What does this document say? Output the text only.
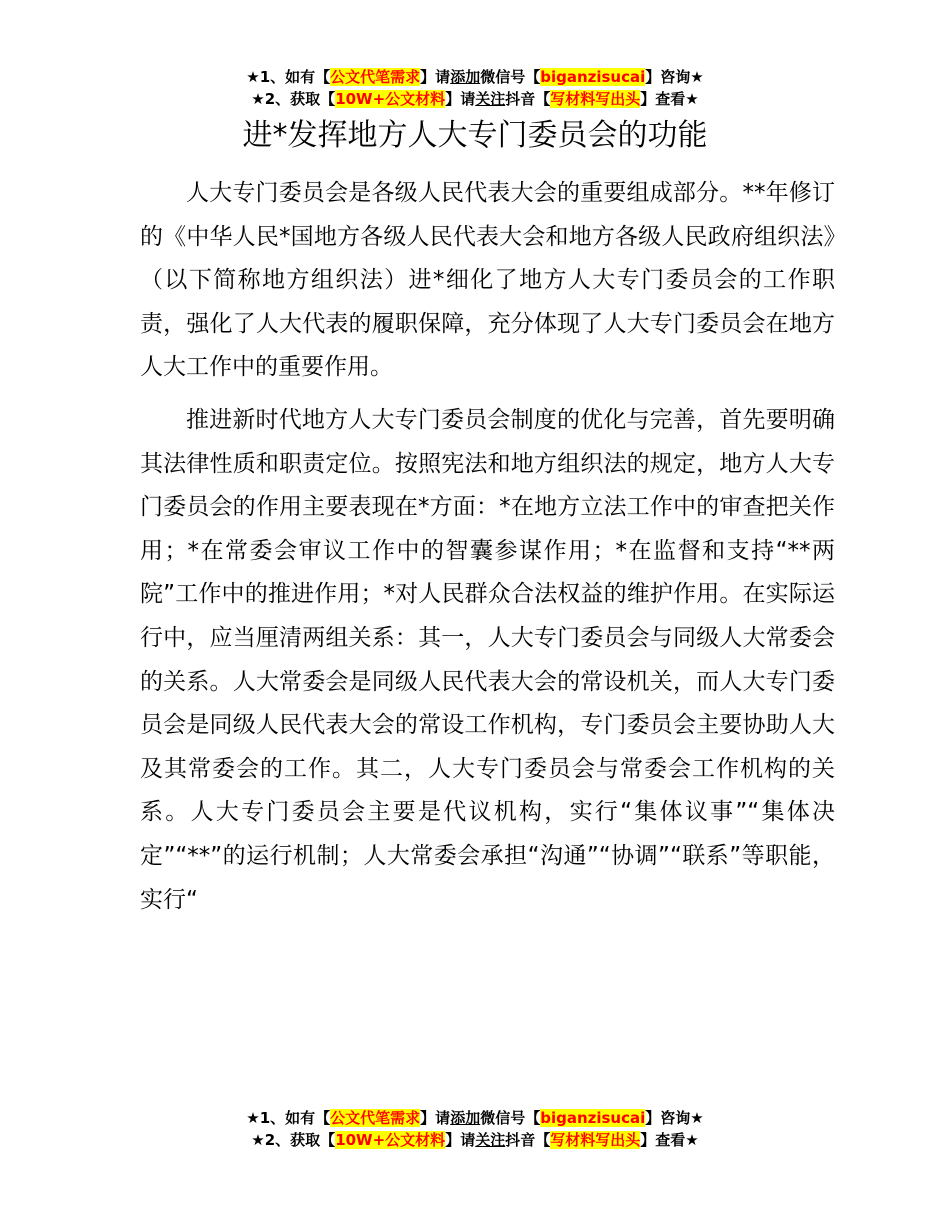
★1、如有【公文代笔需求】请添加微信号【biganzisucai】咨询★
★2、获取【10W+公文材料】请关注抖音【写材料写出头】查看★
进*发挥地方人大专门委员会的功能

人大专门委员会是各级人民代表大会的重要组成部分。**年修订的《中华人民*国地方各级人民代表大会和地方各级人民政府组织法》（以下简称地方组织法）进*细化了地方人大专门委员会的工作职责，强化了人大代表的履职保障，充分体现了人大专门委员会在地方人大工作中的重要作用。

推进新时代地方人大专门委员会制度的优化与完善，首先要明确其法律性质和职责定位。按照宪法和地方组织法的规定，地方人大专门委员会的作用主要表现在*方面：*在地方立法工作中的审查把关作用；*在常委会审议工作中的智囊参谋作用；*在监督和支持“**两院”工作中的推进作用；*对人民群众合法权益的维护作用。在实际运行中，应当厘清两组关系：其一，人大专门委员会与同级人大常委会的关系。人大常委会是同级人民代表大会的常设机关，而人大专门委员会是同级人民代表大会的常设工作机构，专门委员会主要协助人大及其常委会的工作。其二，人大专门委员会与常委会工作机构的关系。人大专门委员会主要是代议机构，实行“集体议事”“集体决定”“**”的运行机制；人大常委会承担“沟通”“协调”“联系”等职能，实行“

★1、如有【公文代笔需求】请添加微信号【biganzisucai】咨询★
★2、获取【10W+公文材料】请关注抖音【写材料写出头】查看★
